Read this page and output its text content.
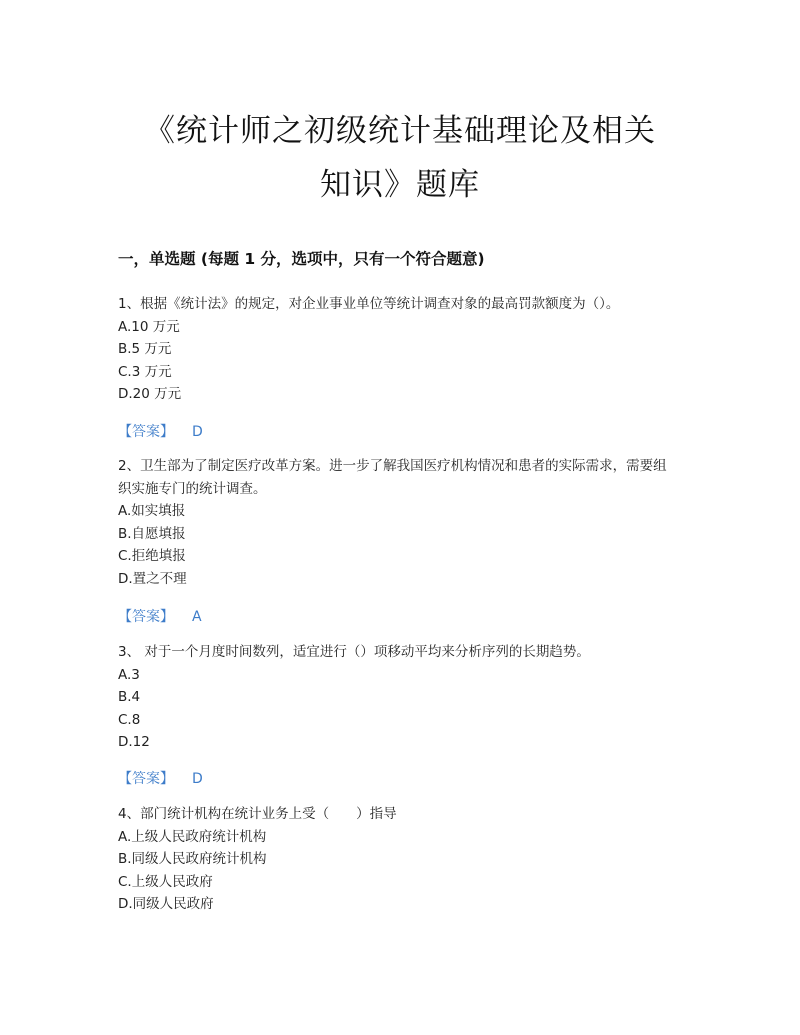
《统计师之初级统计基础理论及相关
知识》题库
一，单选题 (每题 1 分，选项中，只有一个符合题意)

1、根据《统计法》的规定，对企业事业单位等统计调查对象的最高罚款额度为（）。

A.10 万元

B.5 万元

C.3 万元

D.20 万元

【答案】 D

2、卫生部为了制定医疗改革方案。进一步了解我国医疗机构情况和患者的实际需求，需要组织实施专门的统计调查。

A.如实填报

B.自愿填报

C.拒绝填报

D.置之不理

【答案】 A

3、 对于一个月度时间数列，适宜进行（）项移动平均来分析序列的长期趋势。

A.3

B.4

C.8

D.12

【答案】 D

4、部门统计机构在统计业务上受（　　）指导

A.上级人民政府统计机构

B.同级人民政府统计机构

C.上级人民政府

D.同级人民政府
